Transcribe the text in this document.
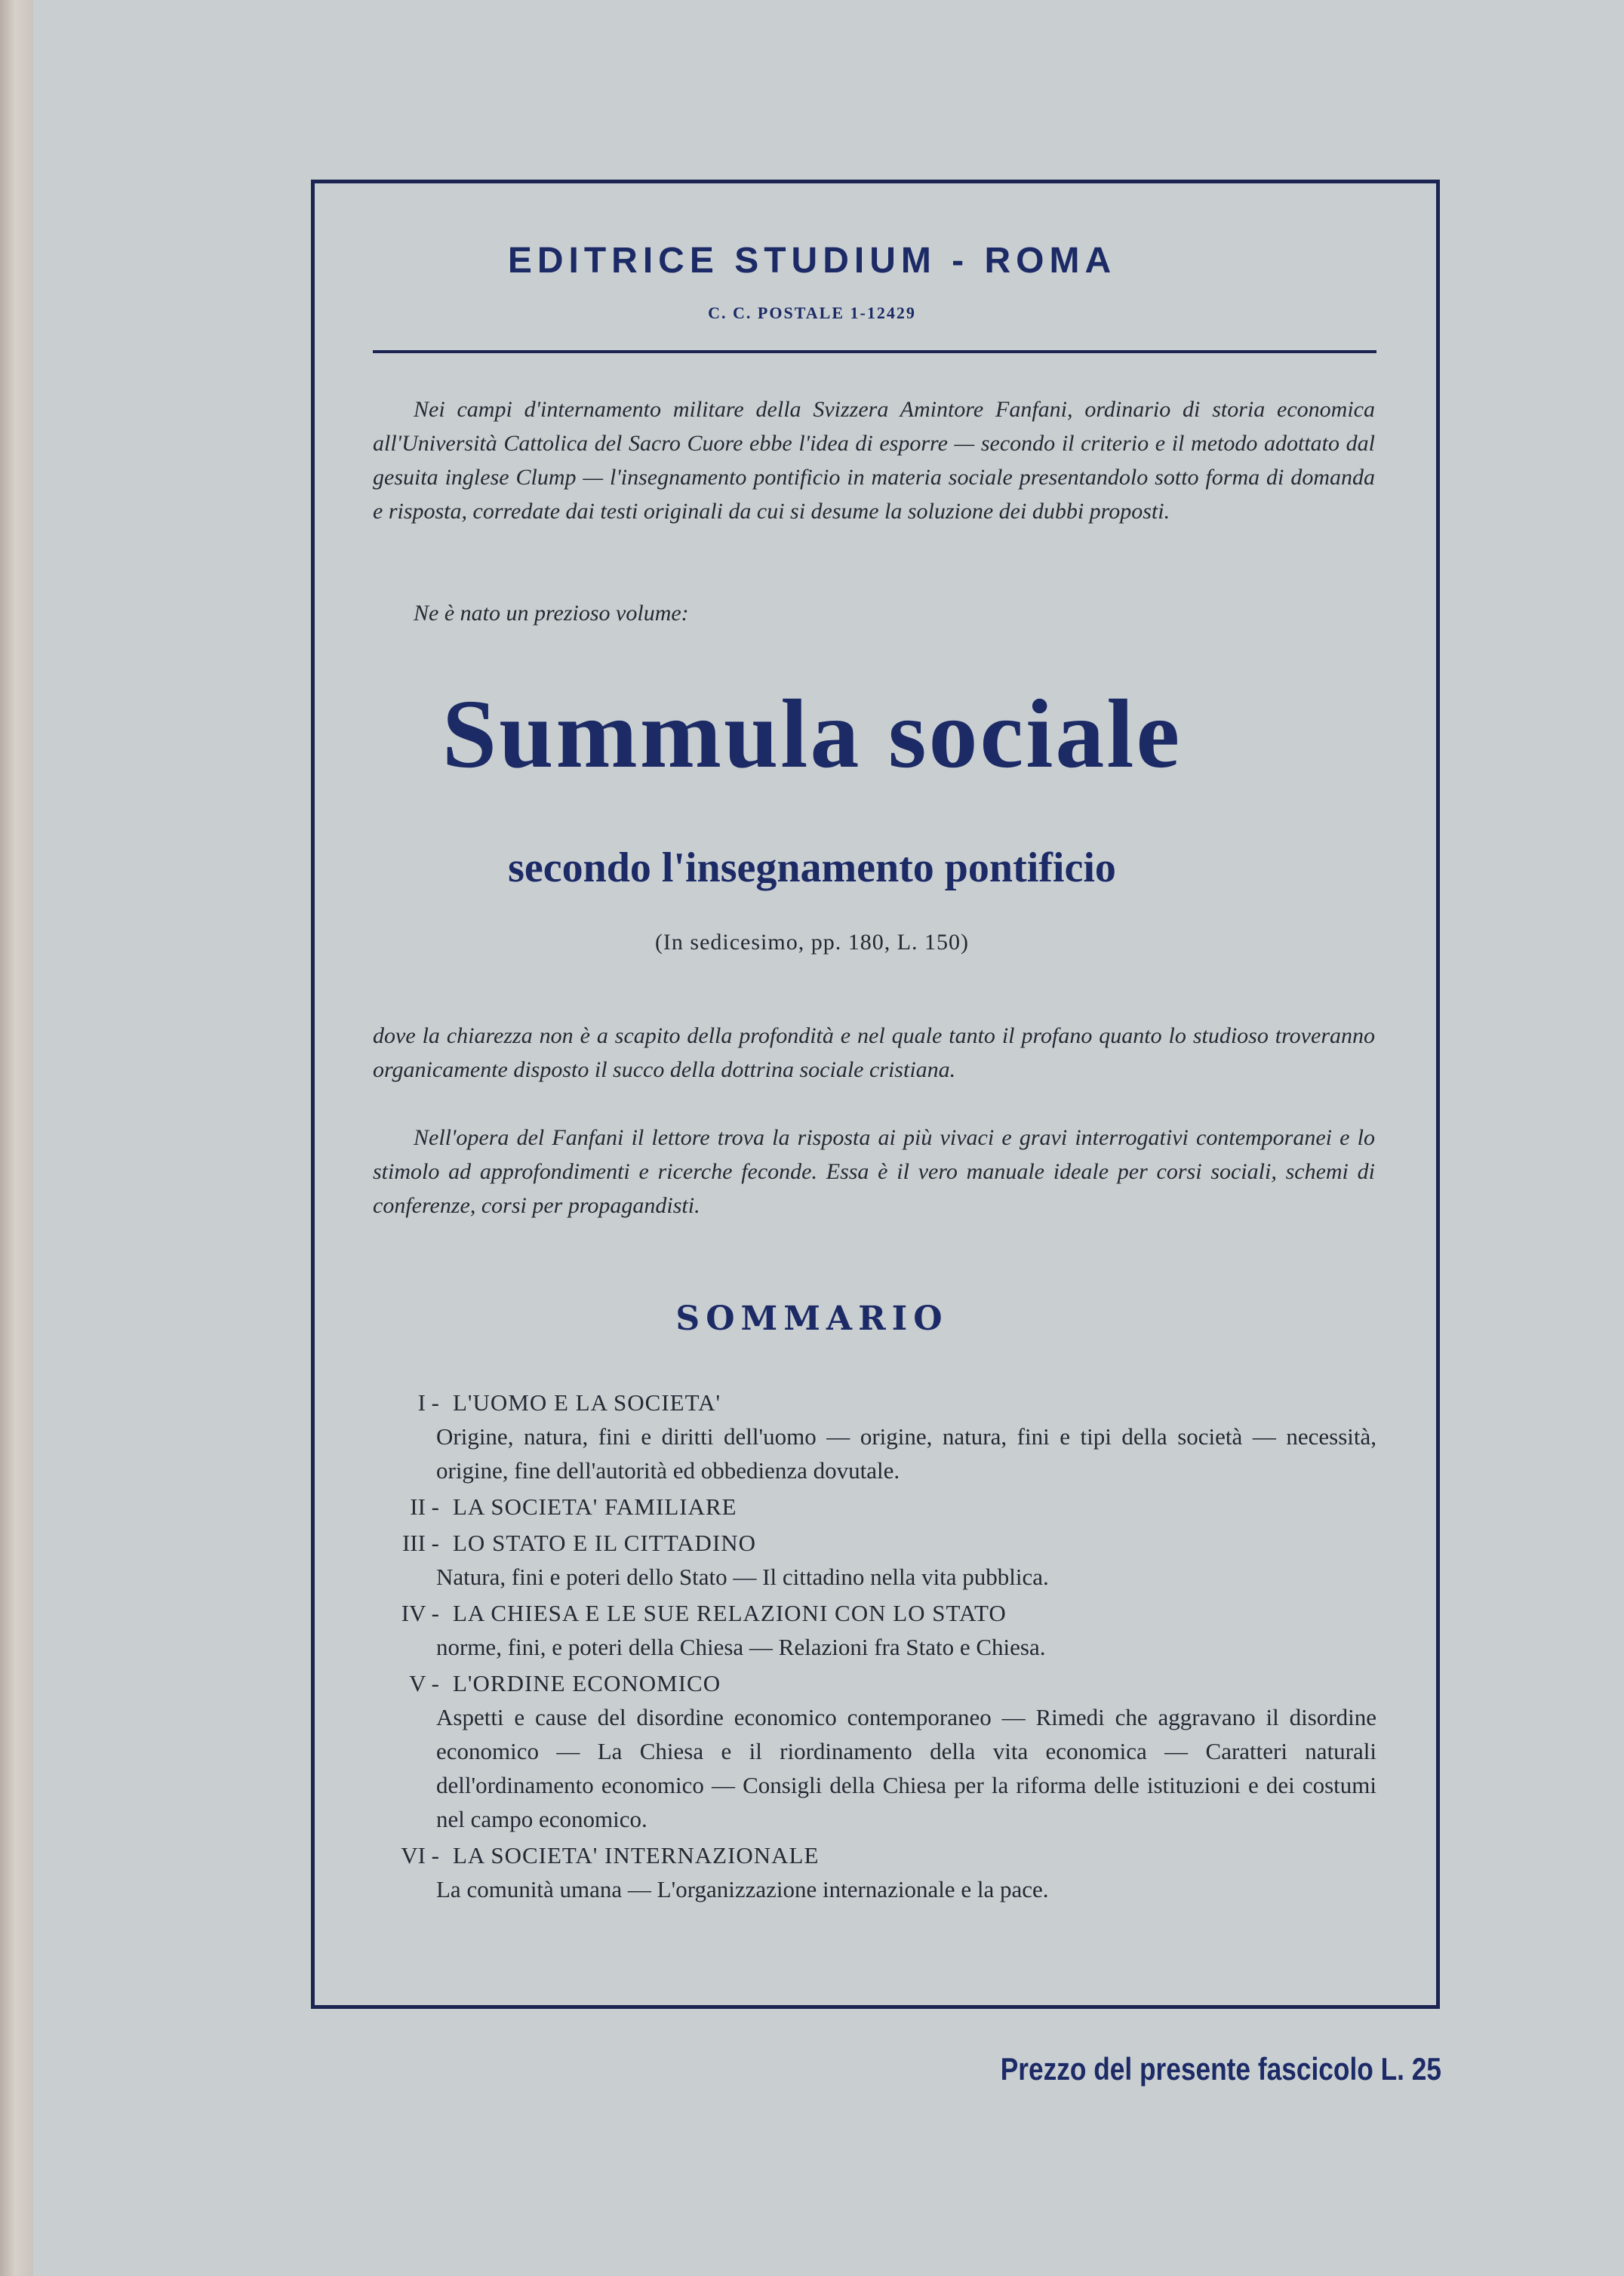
EDITRICE STUDIUM - ROMA
C. C. POSTALE 1-12429
Nei campi d'internamento militare della Svizzera Amintore Fanfani, ordinario di storia economica all'Università Cattolica del Sacro Cuore ebbe l'idea di esporre — secondo il criterio e il metodo adottato dal gesuita inglese Clump — l'insegnamento pontificio in materia sociale presentandolo sotto forma di domanda e risposta, corredate dai testi originali da cui si desume la soluzione dei dubbi proposti.
Ne è nato un prezioso volume:
Summula sociale
secondo l'insegnamento pontificio
(In sedicesimo, pp. 180, L. 150)
dove la chiarezza non è a scapito della profondità e nel quale tanto il profano quanto lo studioso troveranno organicamente disposto il succo della dottrina sociale cristiana.
Nell'opera del Fanfani il lettore trova la risposta ai più vivaci e gravi interrogativi contemporanei e lo stimolo ad approfondimenti e ricerche feconde. Essa è il vero manuale ideale per corsi sociali, schemi di conferenze, corsi per propagandisti.
SOMMARIO
I - L'UOMO E LA SOCIETA'
Origine, natura, fini e diritti dell'uomo — origine, natura, fini e tipi della società — necessità, origine, fine dell'autorità ed obbedienza dovutale.
II - LA SOCIETA' FAMILIARE
III - LO STATO E IL CITTADINO
Natura, fini e poteri dello Stato — Il cittadino nella vita pubblica.
IV - LA CHIESA E LE SUE RELAZIONI CON LO STATO
norme, fini, e poteri della Chiesa — Relazioni fra Stato e Chiesa.
V - L'ORDINE ECONOMICO
Aspetti e cause del disordine economico contemporaneo — Rimedi che aggravano il disordine economico — La Chiesa e il riordinamento della vita economica — Caratteri naturali dell'ordinamento economico — Consigli della Chiesa per la riforma delle istituzioni e dei costumi nel campo economico.
VI - LA SOCIETA' INTERNAZIONALE
La comunità umana — L'organizzazione internazionale e la pace.
Prezzo del presente fascicolo L. 25
